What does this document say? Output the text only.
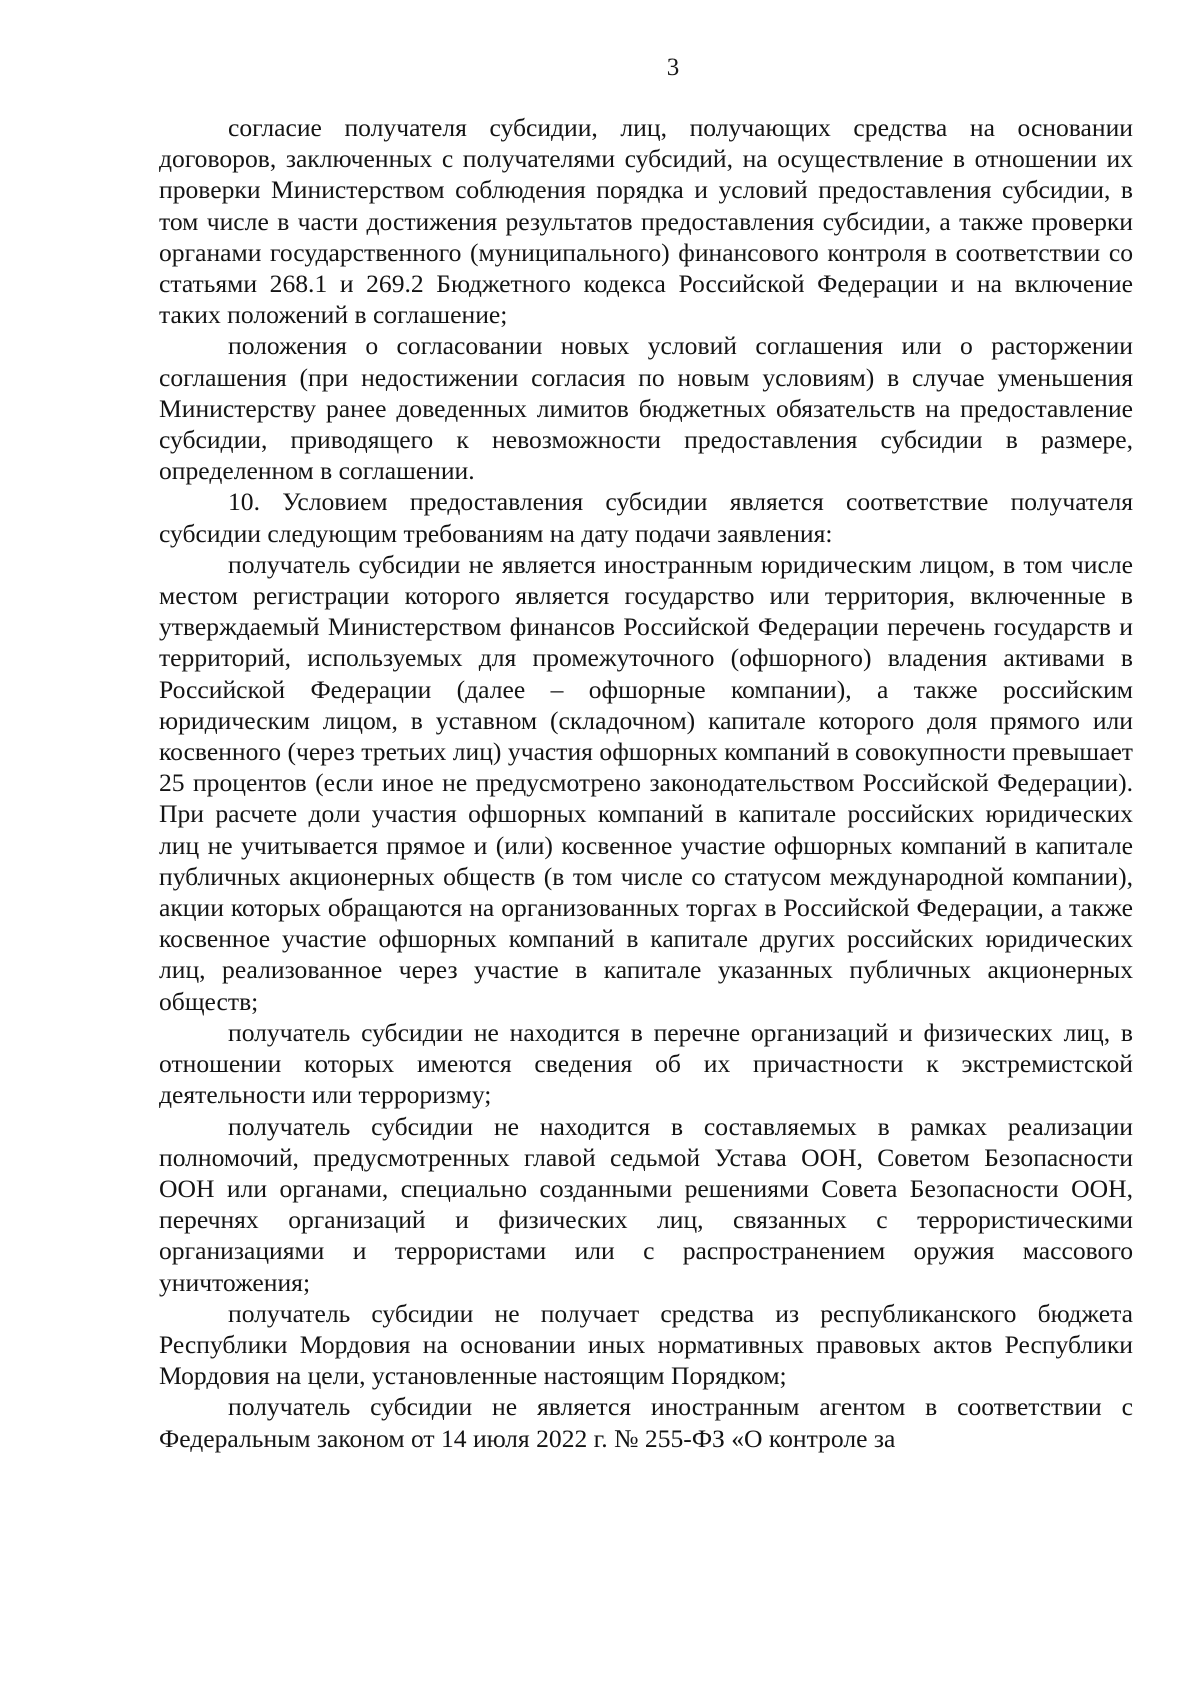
3

согласие получателя субсидии, лиц, получающих средства на основании договоров, заключенных с получателями субсидий, на осуществление в отношении их проверки Министерством соблюдения порядка и условий предоставления субсидии, в том числе в части достижения результатов предоставления субсидии, а также проверки органами государственного (муниципального) финансового контроля в соответствии со статьями 268.1 и 269.2 Бюджетного кодекса Российской Федерации и на включение таких положений в соглашение;

положения о согласовании новых условий соглашения или о расторжении соглашения (при недостижении согласия по новым условиям) в случае уменьшения Министерству ранее доведенных лимитов бюджетных обязательств на предоставление субсидии, приводящего к невозможности предоставления субсидии в размере, определенном в соглашении.

10. Условием предоставления субсидии является соответствие получателя субсидии следующим требованиям на дату подачи заявления:

получатель субсидии не является иностранным юридическим лицом, в том числе местом регистрации которого является государство или территория, включенные в утверждаемый Министерством финансов Российской Федерации перечень государств и территорий, используемых для промежуточного (офшорного) владения активами в Российской Федерации (далее – офшорные компании), а также российским юридическим лицом, в уставном (складочном) капитале которого доля прямого или косвенного (через третьих лиц) участия офшорных компаний в совокупности превышает 25 процентов (если иное не предусмотрено законодательством Российской Федерации). При расчете доли участия офшорных компаний в капитале российских юридических лиц не учитывается прямое и (или) косвенное участие офшорных компаний в капитале публичных акционерных обществ (в том числе со статусом международной компании), акции которых обращаются на организованных торгах в Российской Федерации, а также косвенное участие офшорных компаний в капитале других российских юридических лиц, реализованное через участие в капитале указанных публичных акционерных обществ;

получатель субсидии не находится в перечне организаций и физических лиц, в отношении которых имеются сведения об их причастности к экстремистской деятельности или терроризму;

получатель субсидии не находится в составляемых в рамках реализации полномочий, предусмотренных главой седьмой Устава ООН, Советом Безопасности ООН или органами, специально созданными решениями Совета Безопасности ООН, перечнях организаций и физических лиц, связанных с террористическими организациями и террористами или с распространением оружия массового уничтожения;

получатель субсидии не получает средства из республиканского бюджета Республики Мордовия на основании иных нормативных правовых актов Республики Мордовия на цели, установленные настоящим Порядком;

получатель субсидии не является иностранным агентом в соответствии с Федеральным законом от 14 июля 2022 г. № 255-ФЗ «О контроле за
